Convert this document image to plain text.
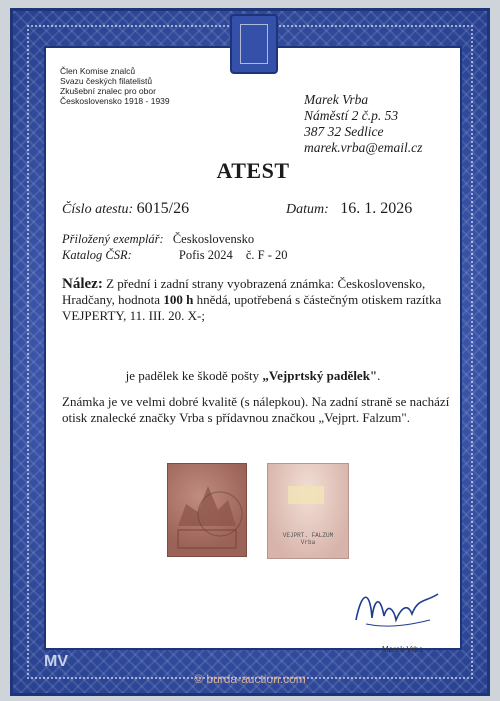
Člen Komise znalců
Svazu českých filatelistů
Zkušební znalec pro obor
Československo 1918 - 1939	Marek Vrba
Náměstí 2 č.p. 53
387 32 Sedlice
marek.vrba@email.cz
ATEST
Číslo atestu: 6015/26	Datum: 16. 1. 2026
Přiložený exemplář: Československo
Katalog ČSR:	Pofis 2024 č. F - 20
Nález: Z přední i zadní strany vyobrazená známka: Československo, Hradčany, hodnota 100 h hnědá, upotřebená s částečným otiskem razítka VEJPERTY, 11. III. 20. X-;
je padělek ke škodě pošty „Vejprtský padělek".
Známka je ve velmi dobré kvalitě (s nálepkou). Na zadní straně se nachází otisk znalecké značky Vrba s přídavnou značkou „Vejprt. Falzum".
VEJPRT. FALZUM
Vrba
Marek Vrba
MV
© burda-auction.com
